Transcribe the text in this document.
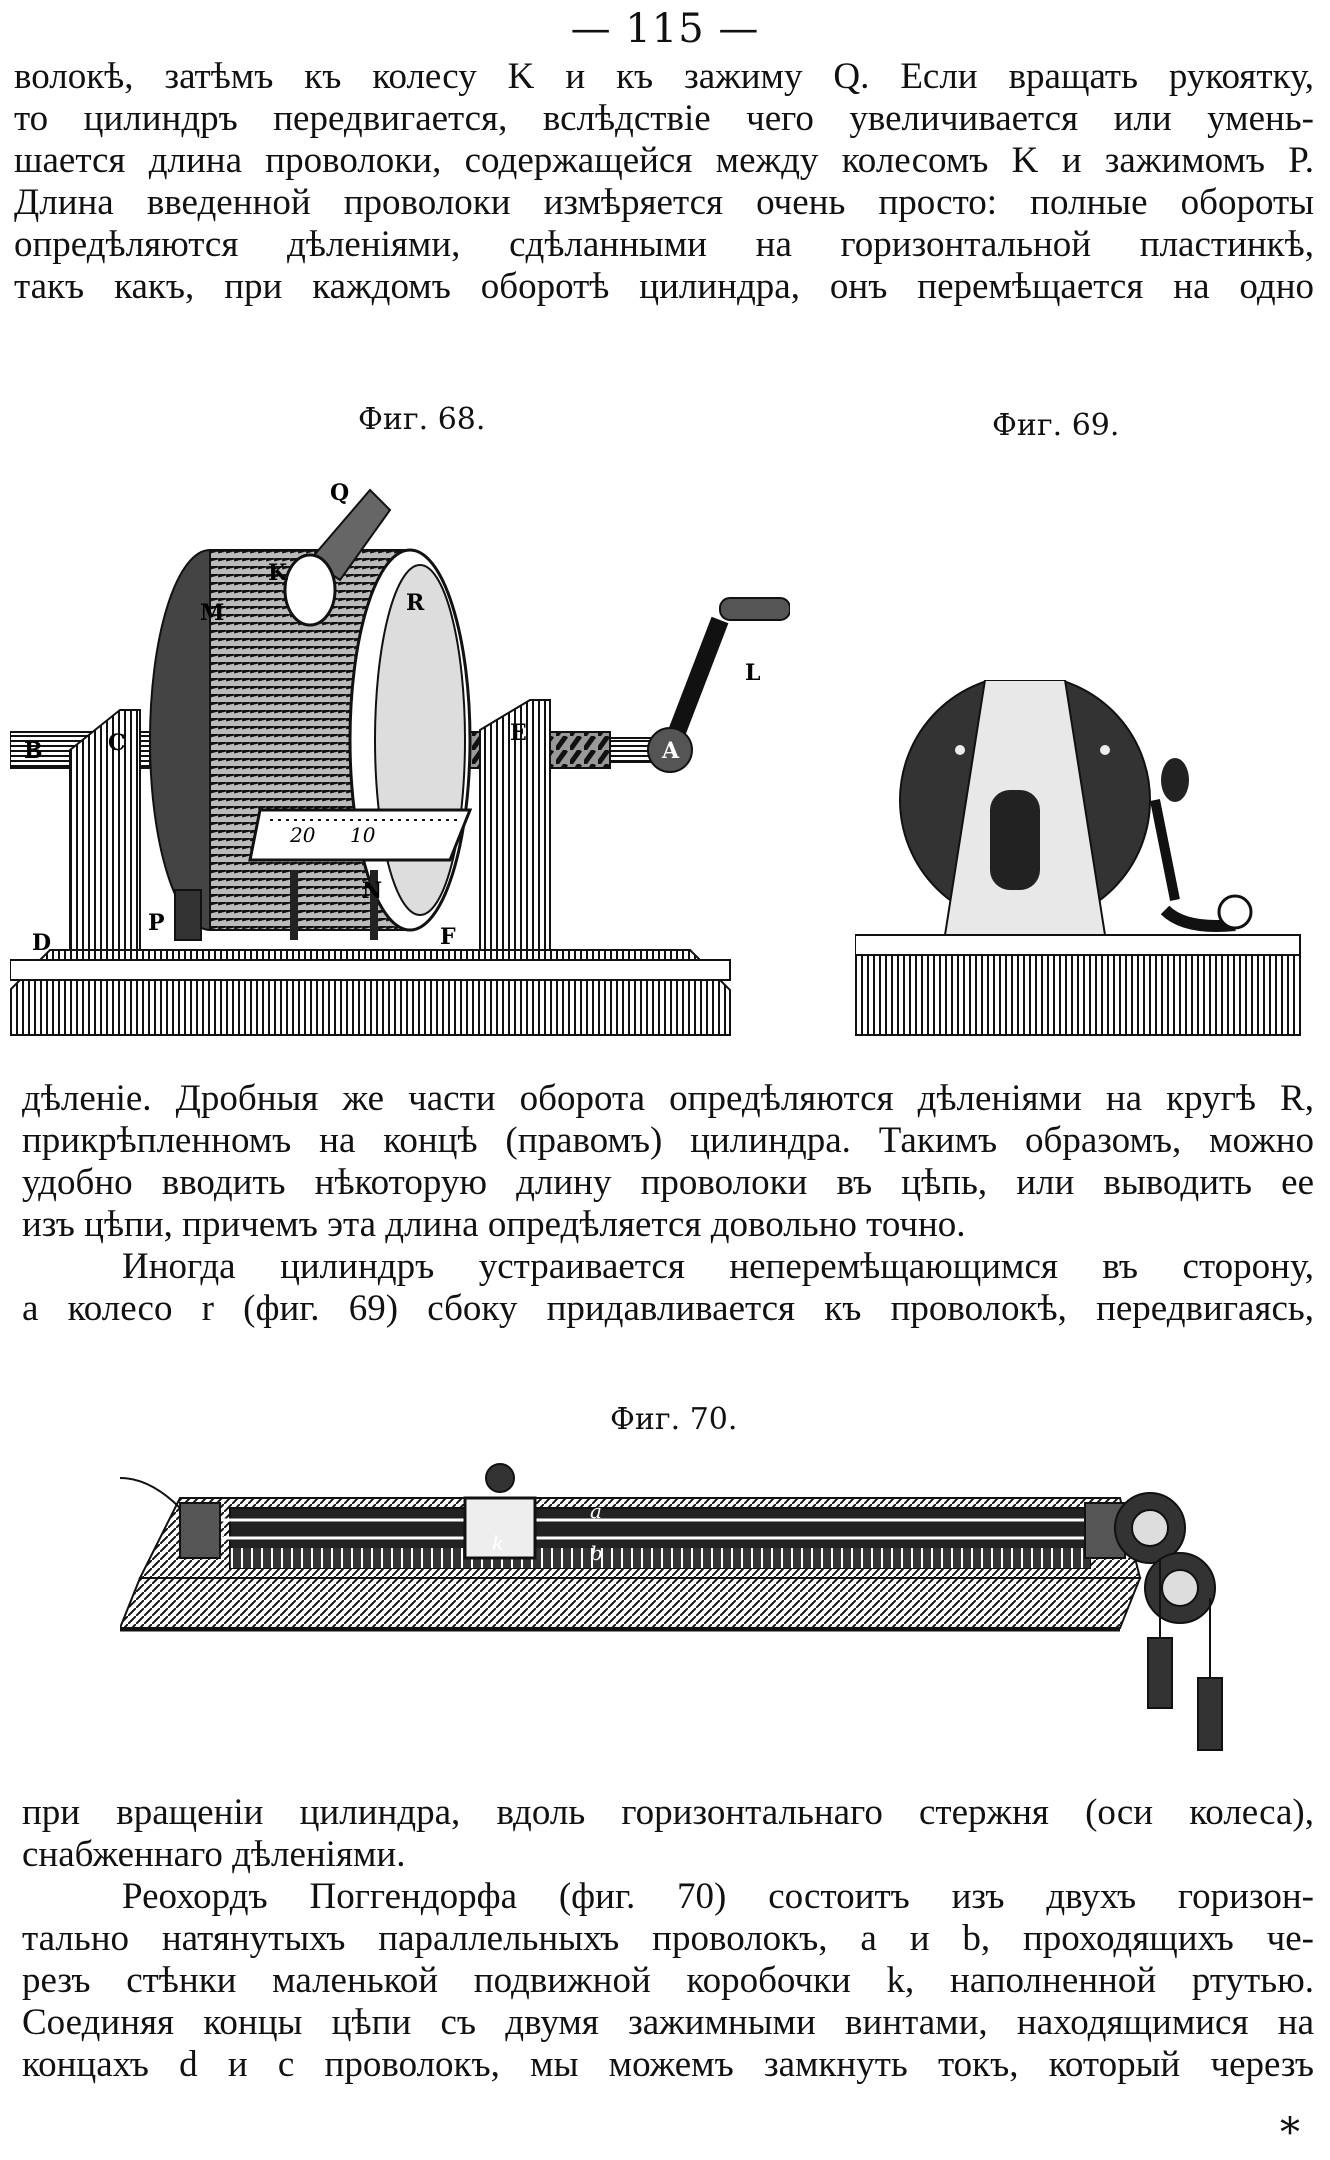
— 115 —
волокѣ, затѣмъ къ колесу K и къ зажиму Q. Если вращать рукоятку,
то цилиндръ передвигается, вслѣдствіе чего увеличивается или умень-
шается длина проволоки, содержащейся между колесомъ K и зажимомъ P.
Длина введенной проволоки измѣряется очень просто: полные обороты
опредѣляются дѣленіями, сдѣланными на горизонтальной пластинкѣ,
такъ какъ, при каждомъ оборотѣ цилиндра, онъ перемѣщается на одно
Фиг. 68.	Фиг. 69.
Q
K
M	R
L
C	E
A
B
D
P
F
N
20 10
дѣленіе. Дробныя же части оборота опредѣляются дѣленіями на кругѣ R,
прикрѣпленномъ на концѣ (правомъ) цилиндра. Такимъ образомъ, можно
удобно вводить нѣкоторую длину проволоки въ цѣпь, или выводить ее
изъ цѣпи, причемъ эта длина опредѣляется довольно точно.
Иногда цилиндръ устраивается неперемѣщающимся въ сторону,
а колесо r (фиг. 69) сбоку придавливается къ проволокѣ, передвигаясь,
Фиг. 70.
k
a
b
при вращеніи цилиндра, вдоль горизонтальнаго стержня (оси колеса),
снабженнаго дѣленіями.
Реохордъ Поггендорфа (фиг. 70) состоитъ изъ двухъ горизон-
тально натянутыхъ параллельныхъ проволокъ, a и b, проходящихъ че-
резъ стѣнки маленькой подвижной коробочки k, наполненной ртутью.
Соединяя концы цѣпи съ двумя зажимными винтами, находящимися на
концахъ d и c проволокъ, мы можемъ замкнуть токъ, который черезъ
*
